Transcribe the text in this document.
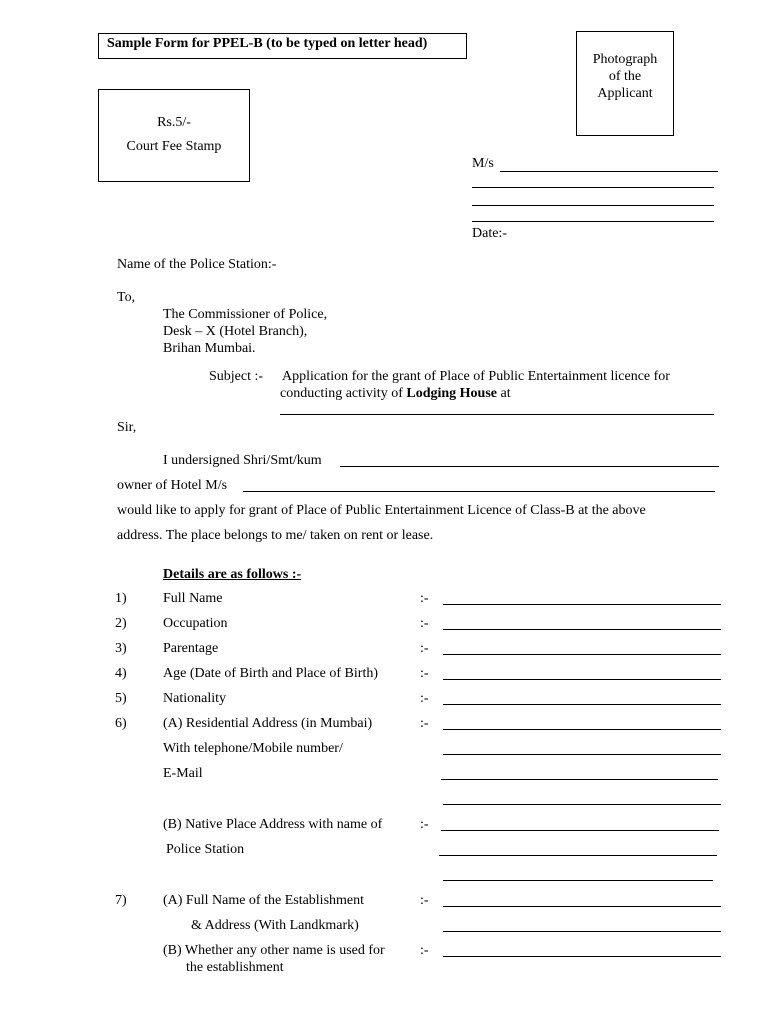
Sample Form for PPEL-B (to be typed on letter head)
Rs.5/-
Court Fee Stamp
Photograph
of the
Applicant
M/s
Date:-
Name of the Police Station:-
To,
The Commissioner of Police,
Desk – X (Hotel Branch),
Brihan Mumbai.
Subject :- Application for the grant of Place of Public Entertainment licence for
conducting activity of Lodging House at
Sir,
I undersigned Shri/Smt/kum
owner of Hotel M/s
would like to apply for grant of Place of Public Entertainment Licence of Class-B at the above
address. The place belongs to me/ taken on rent or lease.
Details are as follows :-
1)	Full Name	:-
2)	Occupation	:-
3)	Parentage	:-
4)	Age (Date of Birth and Place of Birth)	:-
5)	Nationality	:-
6)	(A) Residential Address (in Mumbai)	:-
With telephone/Mobile number/
E-Mail
(B) Native Place Address with name of	:-
Police Station
7)	(A) Full Name of the Establishment	:-
& Address (With Landkmark)
(B) Whether any other name is used for	:-
the establishment
